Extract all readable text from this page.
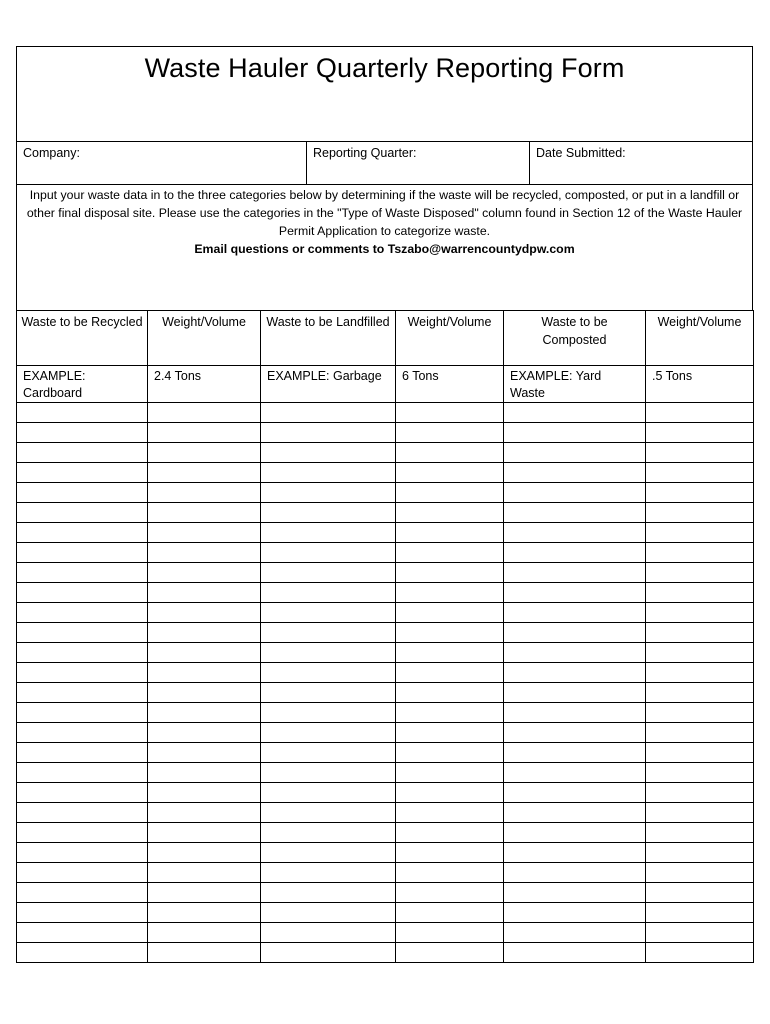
Waste Hauler Quarterly Reporting Form
Company:	Reporting Quarter:	Date Submitted:

Input your waste data in to the three categories below by determining if the waste will be recycled, composted, or put in a landfill or other final disposal site. Please use the categories in the "Type of Waste Disposed" column found in Section 12 of the Waste Hauler Permit Application to categorize waste.

Email questions or comments to Tszabo@warrencountydpw.com

Waste to be Recycled	Weight/Volume	Waste to be Landfilled	Weight/Volume	Waste to be Composted	Weight/Volume
EXAMPLE: Cardboard	2.4 Tons	EXAMPLE: Garbage	6 Tons	EXAMPLE: Yard Waste	.5 Tons
